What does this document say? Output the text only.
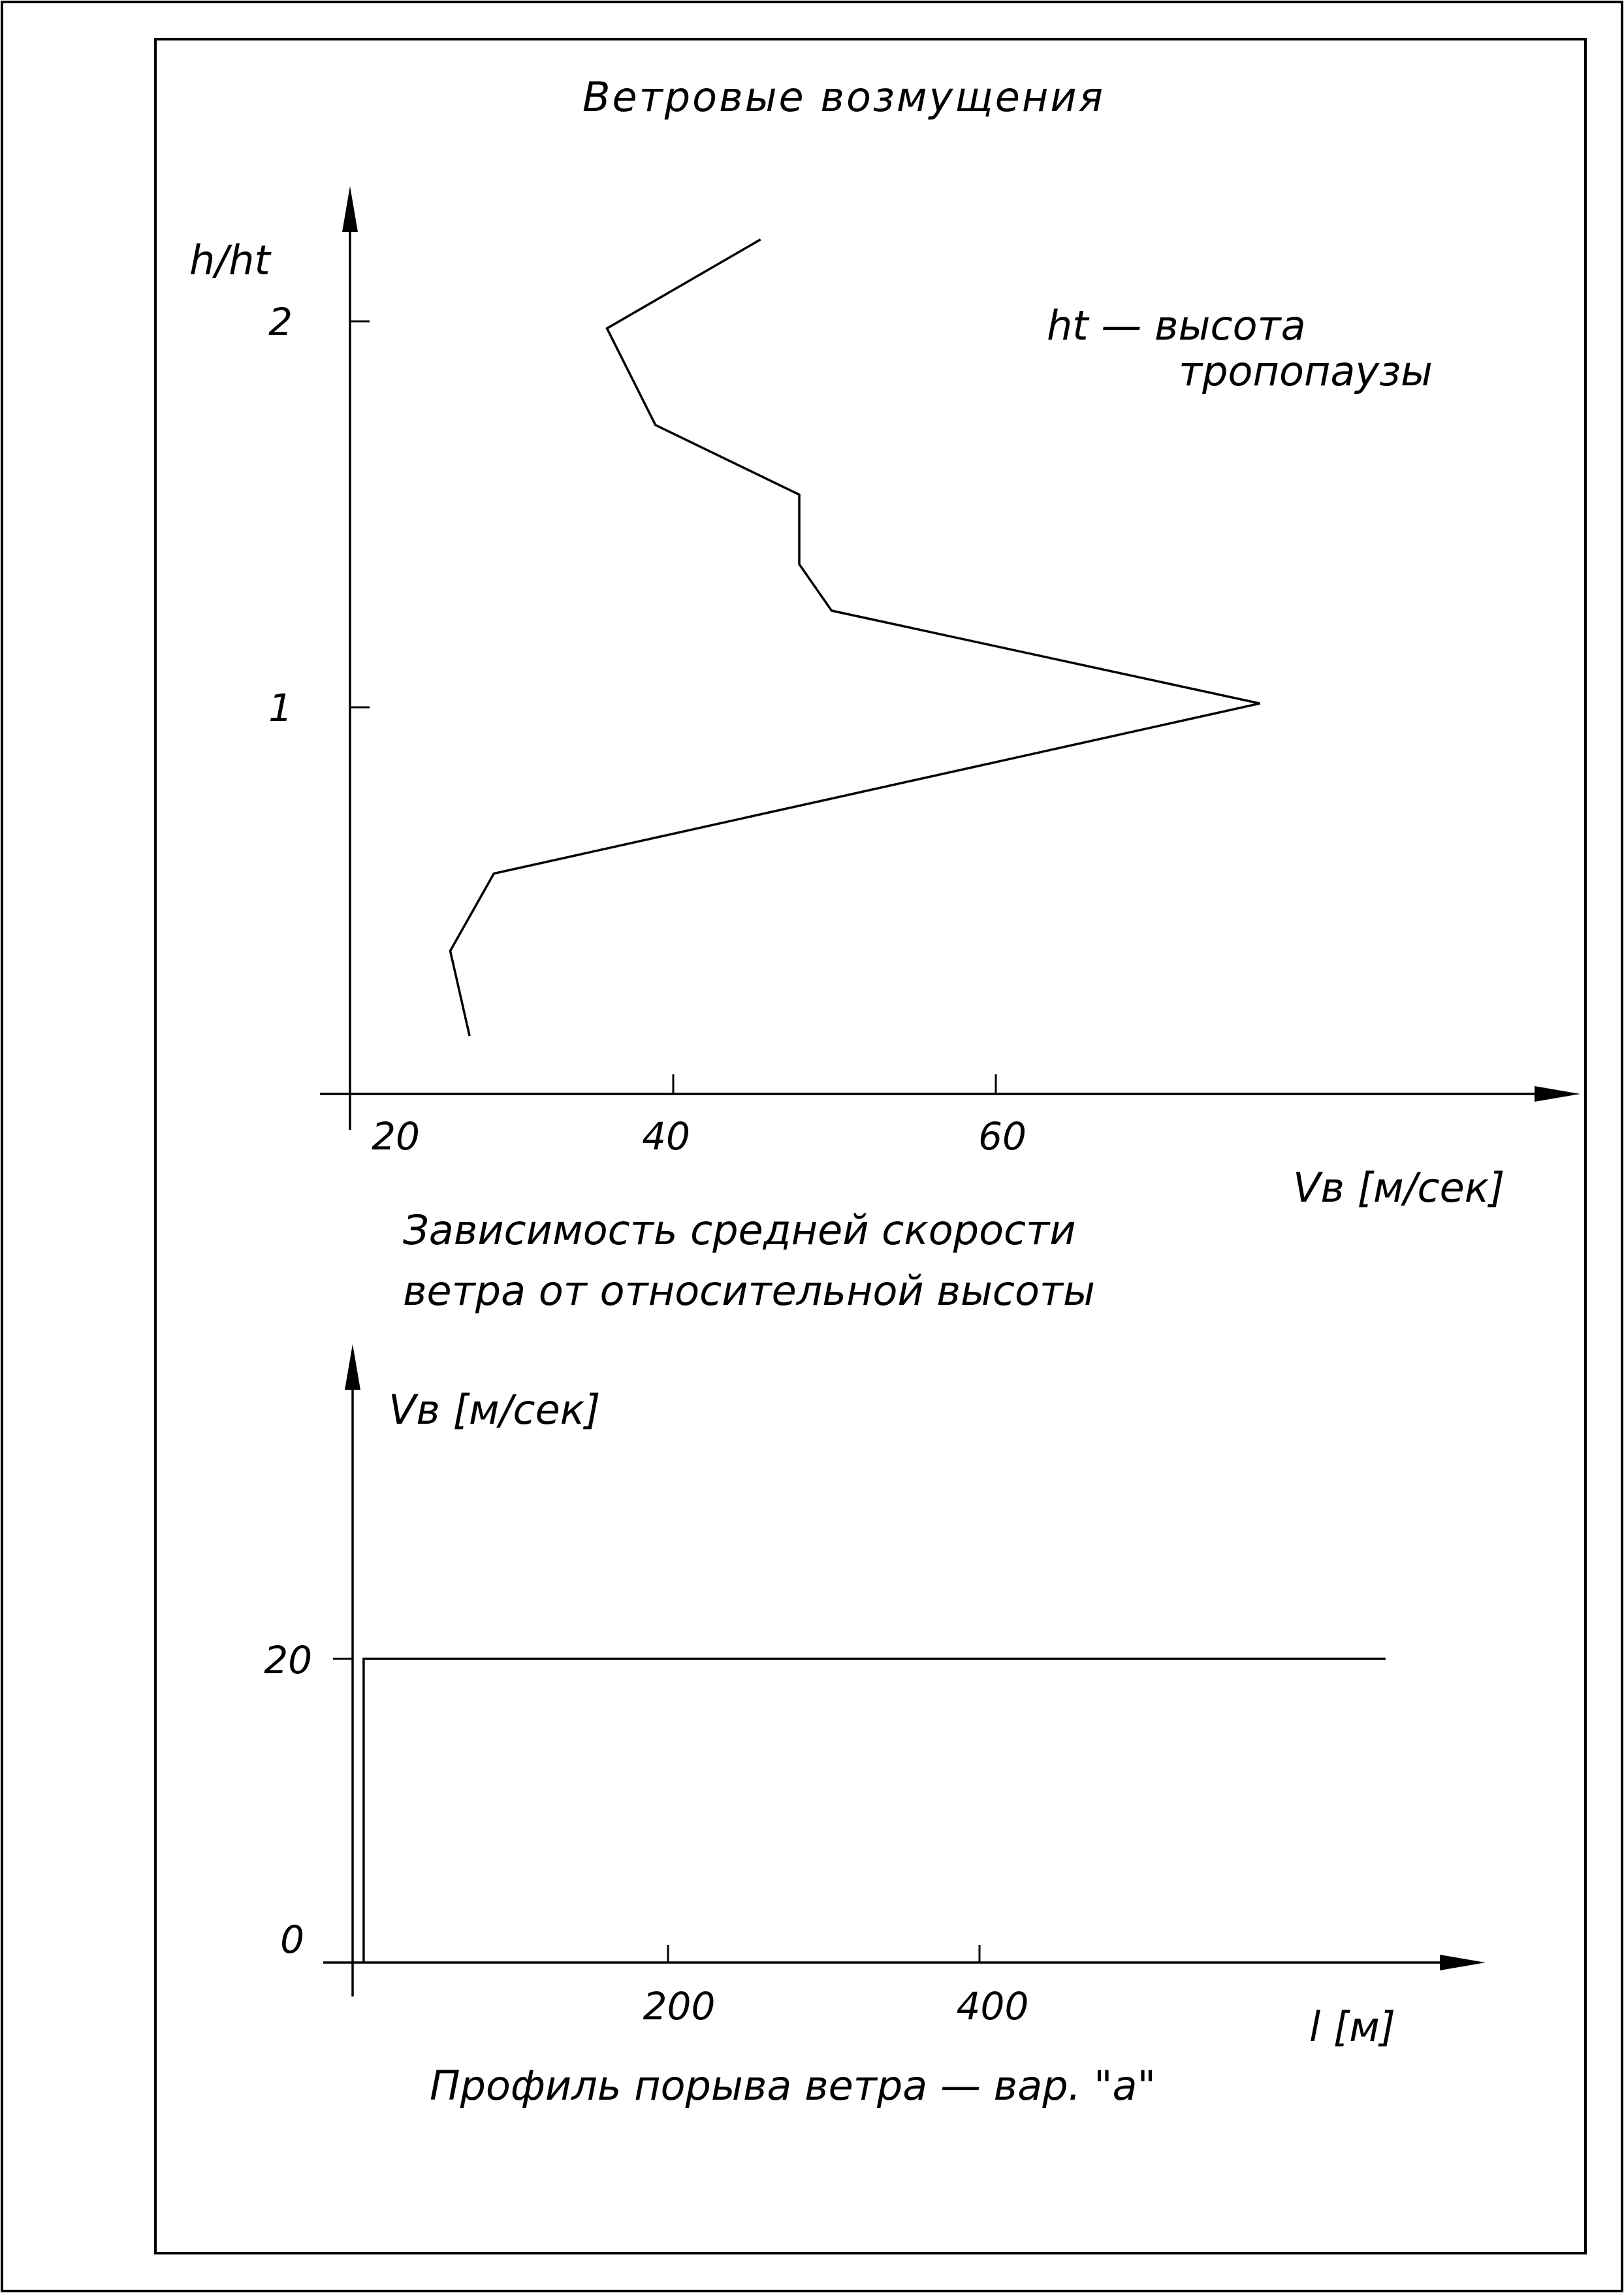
Ветровые возмущения
1
2
h/ht
20	40	60
Vв [м/сек]
ht — высота
тропопаузы
Зависимость средней скорости
ветра от относительной высоты
20
0
Vв [м/сек]
200	400	l [м]
Профиль порыва ветра — вар. "а"
